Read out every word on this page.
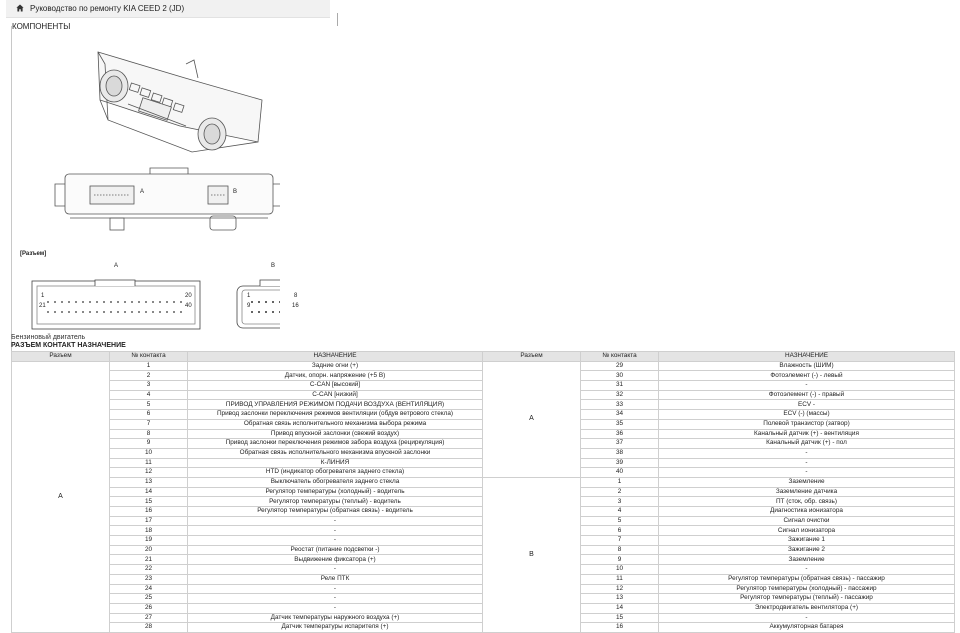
Руководство по ремонту KIA CEED 2 (JD)
КОМПОНЕНТЫ
A	B
[Разъем]
A	B
1	20
21	40
1	8
9	16
Бензиновый двигатель
РАЗЪЕМ КОНТАКТ НАЗНАЧЕНИЕ
Разъем	№ контакта	НАЗНАЧЕНИЕ	Разъем	№ контакта	НАЗНАЧЕНИЕ
A	1	Задние огни (+)	A	29	Влажность (ШИМ)
	2	Датчик, опорн. напряжение (+5 В)		30	Фотоэлемент (-) - левый
	3	C-CAN [высокий]		31	-
	4	C-CAN [низкий]		32	Фотоэлемент (-) - правый
	5	ПРИВОД УПРАВЛЕНИЯ РЕЖИМОМ ПОДАЧИ ВОЗДУХА (ВЕНТИЛЯЦИЯ)		33	ECV -
	6	Привод заслонки переключения режимов вентиляции (обдув ветрового стекла)		34	ECV (-) (массы)
	7	Обратная связь исполнительного механизма выбора режима		35	Полевой транзистор (затвор)
	8	Привод впускной заслонки (свежий воздух)		36	Канальный датчик (+) - вентиляция
	9	Привод заслонки переключения режимов забора воздуха (рециркуляция)		37	Канальный датчик (+) - пол
	10	Обратная связь исполнительного механизма впускной заслонки		38	-
	11	К-ЛИНИЯ		39	-
	12	HTD (индикатор обогревателя заднего стекла)		40	-
	13	Выключатель обогревателя заднего стекла	B	1	Заземление
	14	Регулятор температуры (холодный) - водитель		2	Заземление датчика
	15	Регулятор температуры (теплый) - водитель		3	ПТ (сток, обр. связь)
	16	Регулятор температуры (обратная связь) - водитель		4	Диагностика ионизатора
	17	-		5	Сигнал очистки
	18	-		6	Сигнал ионизатора
	19	-		7	Зажигание 1
	20	Реостат (питание подсветки -)		8	Зажигание 2
	21	Выдвижение фиксатора (+)		9	Заземление
	22	-		10	-
	23	Реле ПТК		11	Регулятор температуры (обратная связь) - пассажир
	24	-		12	Регулятор температуры (холодный) - пассажир
	25	-		13	Регулятор температуры (теплый) - пассажир
	26	-		14	Электродвигатель вентилятора (+)
	27	Датчик температуры наружного воздуха (+)		15	-
	28	Датчик температуры испарителя (+)		16	Аккумуляторная батарея
